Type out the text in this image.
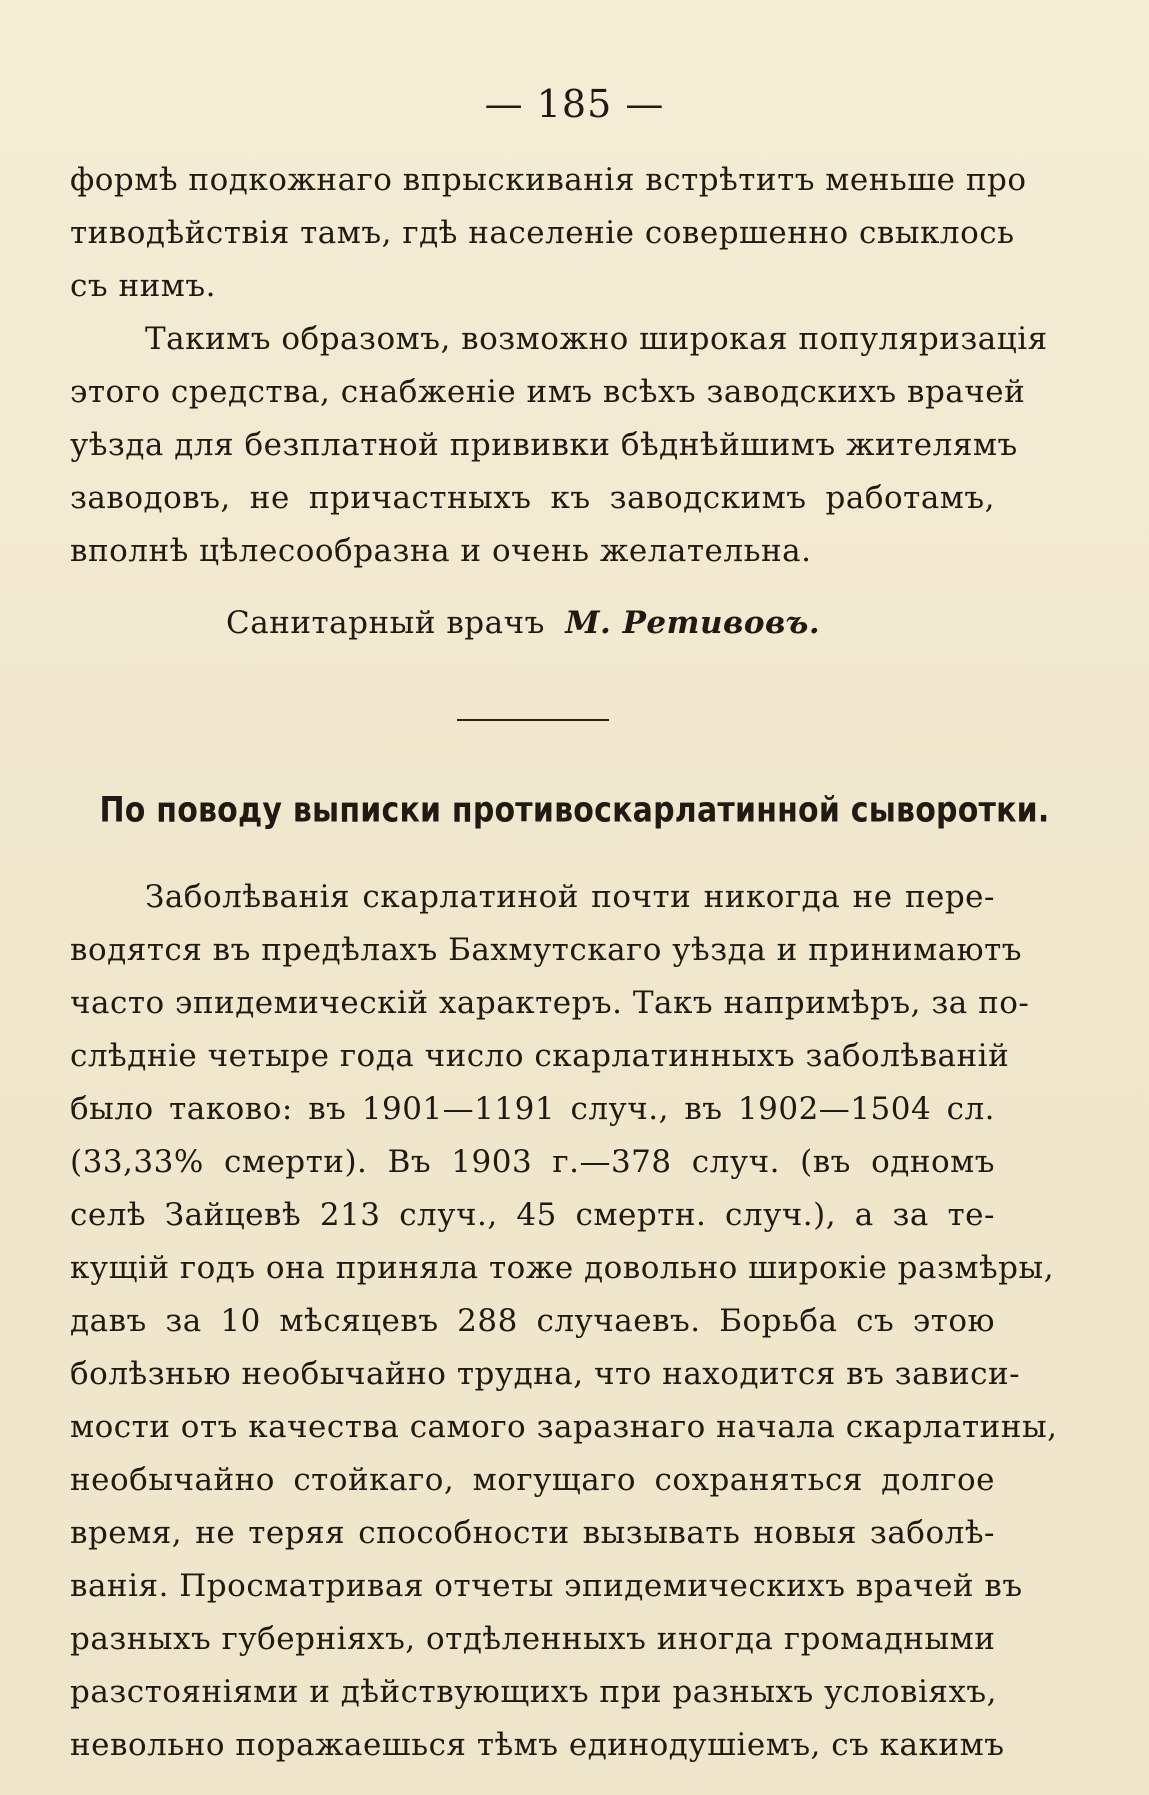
— 185 —
формѣ подкожнаго впрыскиванія встрѣтитъ меньше про
тиводѣйствія тамъ, гдѣ населеніе совершенно свыклось
съ нимъ.
Такимъ образомъ, возможно широкая популяризація
этого средства, снабженіе имъ всѣхъ заводскихъ врачей
уѣзда для безплатной прививки бѣднѣйшимъ жителямъ
заводовъ, не причастныхъ къ заводскимъ работамъ,
вполнѣ цѣлесообразна и очень желательна.
Санитарный врачъ М. Ретивовъ.
По поводу выписки противоскарлатинной сыворотки.
Заболѣванія скарлатиной почти никогда не пере-
водятся въ предѣлахъ Бахмутскаго уѣзда и принимаютъ
часто эпидемическій характеръ. Такъ напримѣръ, за по-
слѣдніе четыре года число скарлатинныхъ заболѣваній
было таково: въ 1901—1191 случ., въ 1902—1504 сл.
(33,33% смерти). Въ 1903 г.—378 случ. (въ одномъ
селѣ Зайцевѣ 213 случ., 45 смертн. случ.), а за те-
кущій годъ она приняла тоже довольно широкіе размѣры,
давъ за 10 мѣсяцевъ 288 случаевъ. Борьба съ этою
болѣзнью необычайно трудна, что находится въ зависи-
мости отъ качества самого заразнаго начала скарлатины,
необычайно стойкаго, могущаго сохраняться долгое
время, не теряя способности вызывать новыя заболѣ-
ванія. Просматривая отчеты эпидемическихъ врачей въ
разныхъ губерніяхъ, отдѣленныхъ иногда громадными
разстояніями и дѣйствующихъ при разныхъ условіяхъ,
невольно поражаешься тѣмъ единодушіемъ, съ какимъ
